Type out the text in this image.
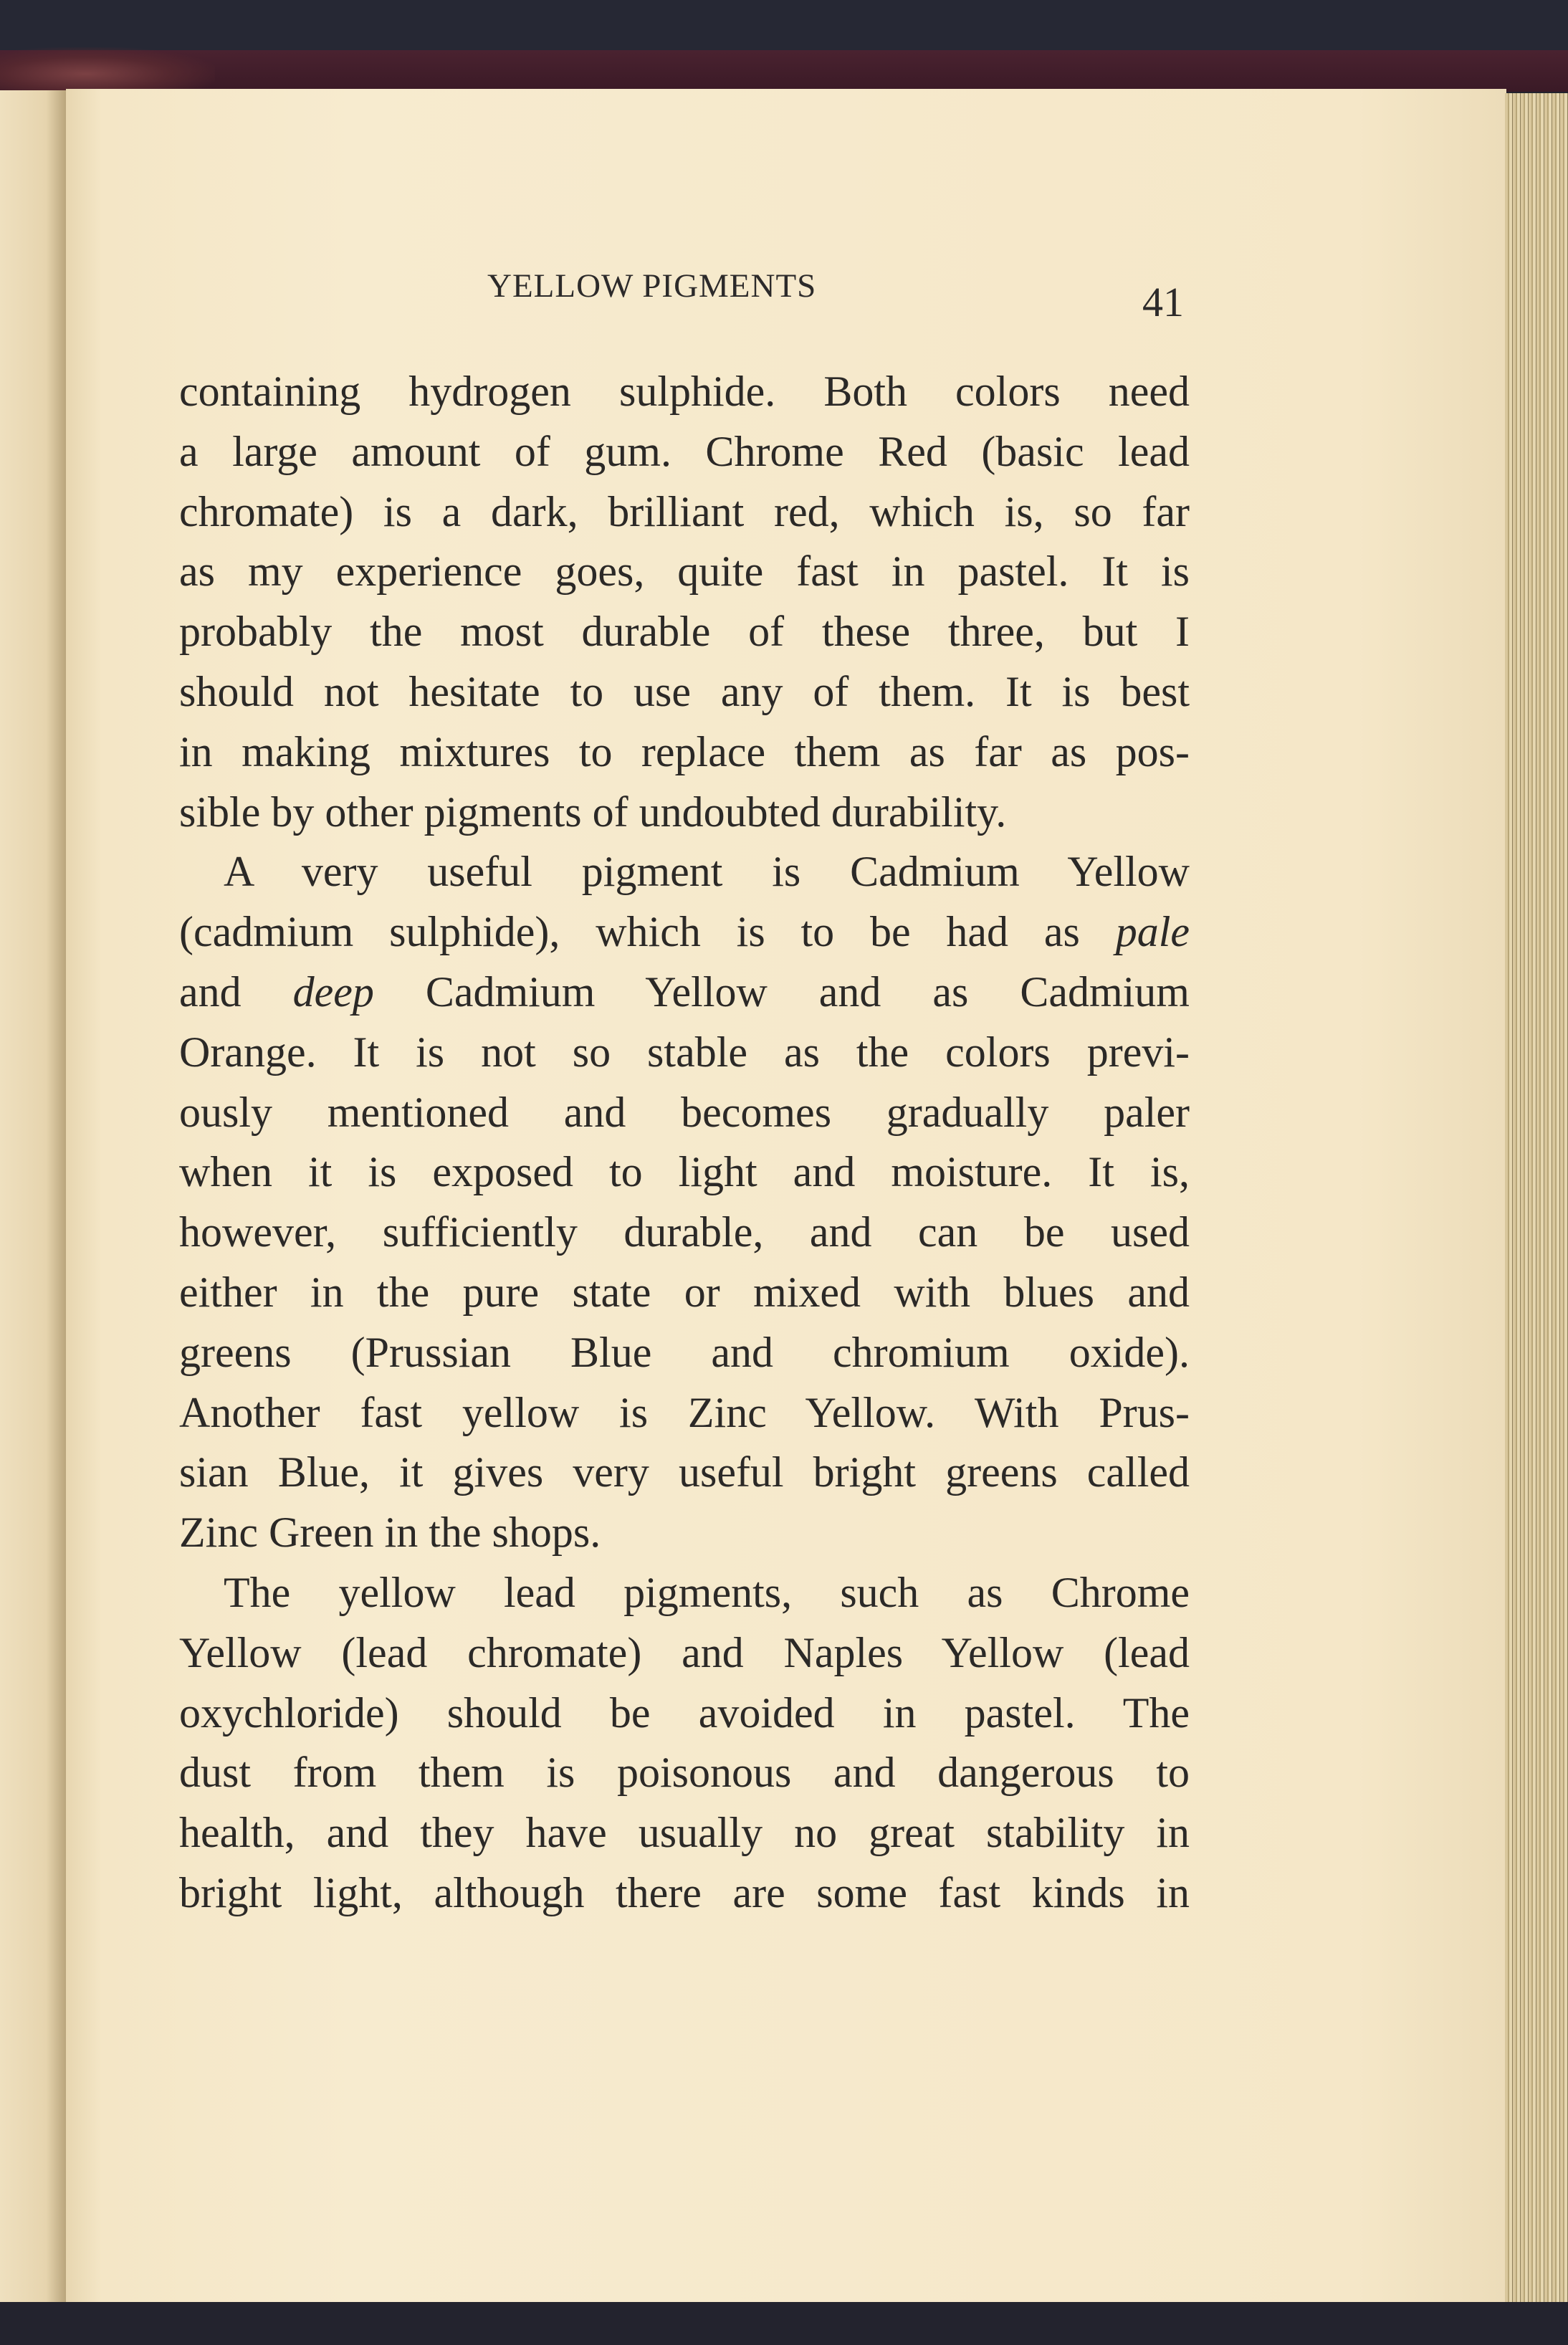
YELLOW PIGMENTS	41
containing hydrogen sulphide. Both colors need
a large amount of gum. Chrome Red (basic lead
chromate) is a dark, brilliant red, which is, so far
as my experience goes, quite fast in pastel. It is
probably the most durable of these three, but I
should not hesitate to use any of them. It is best
in making mixtures to replace them as far as pos-
sible by other pigments of undoubted durability.
A very useful pigment is Cadmium Yellow
(cadmium sulphide), which is to be had as pale
and deep Cadmium Yellow and as Cadmium
Orange. It is not so stable as the colors previ-
ously mentioned and becomes gradually paler
when it is exposed to light and moisture. It is,
however, sufficiently durable, and can be used
either in the pure state or mixed with blues and
greens (Prussian Blue and chromium oxide).
Another fast yellow is Zinc Yellow. With Prus-
sian Blue, it gives very useful bright greens called
Zinc Green in the shops.
The yellow lead pigments, such as Chrome
Yellow (lead chromate) and Naples Yellow (lead
oxychloride) should be avoided in pastel. The
dust from them is poisonous and dangerous to
health, and they have usually no great stability in
bright light, although there are some fast kinds in
